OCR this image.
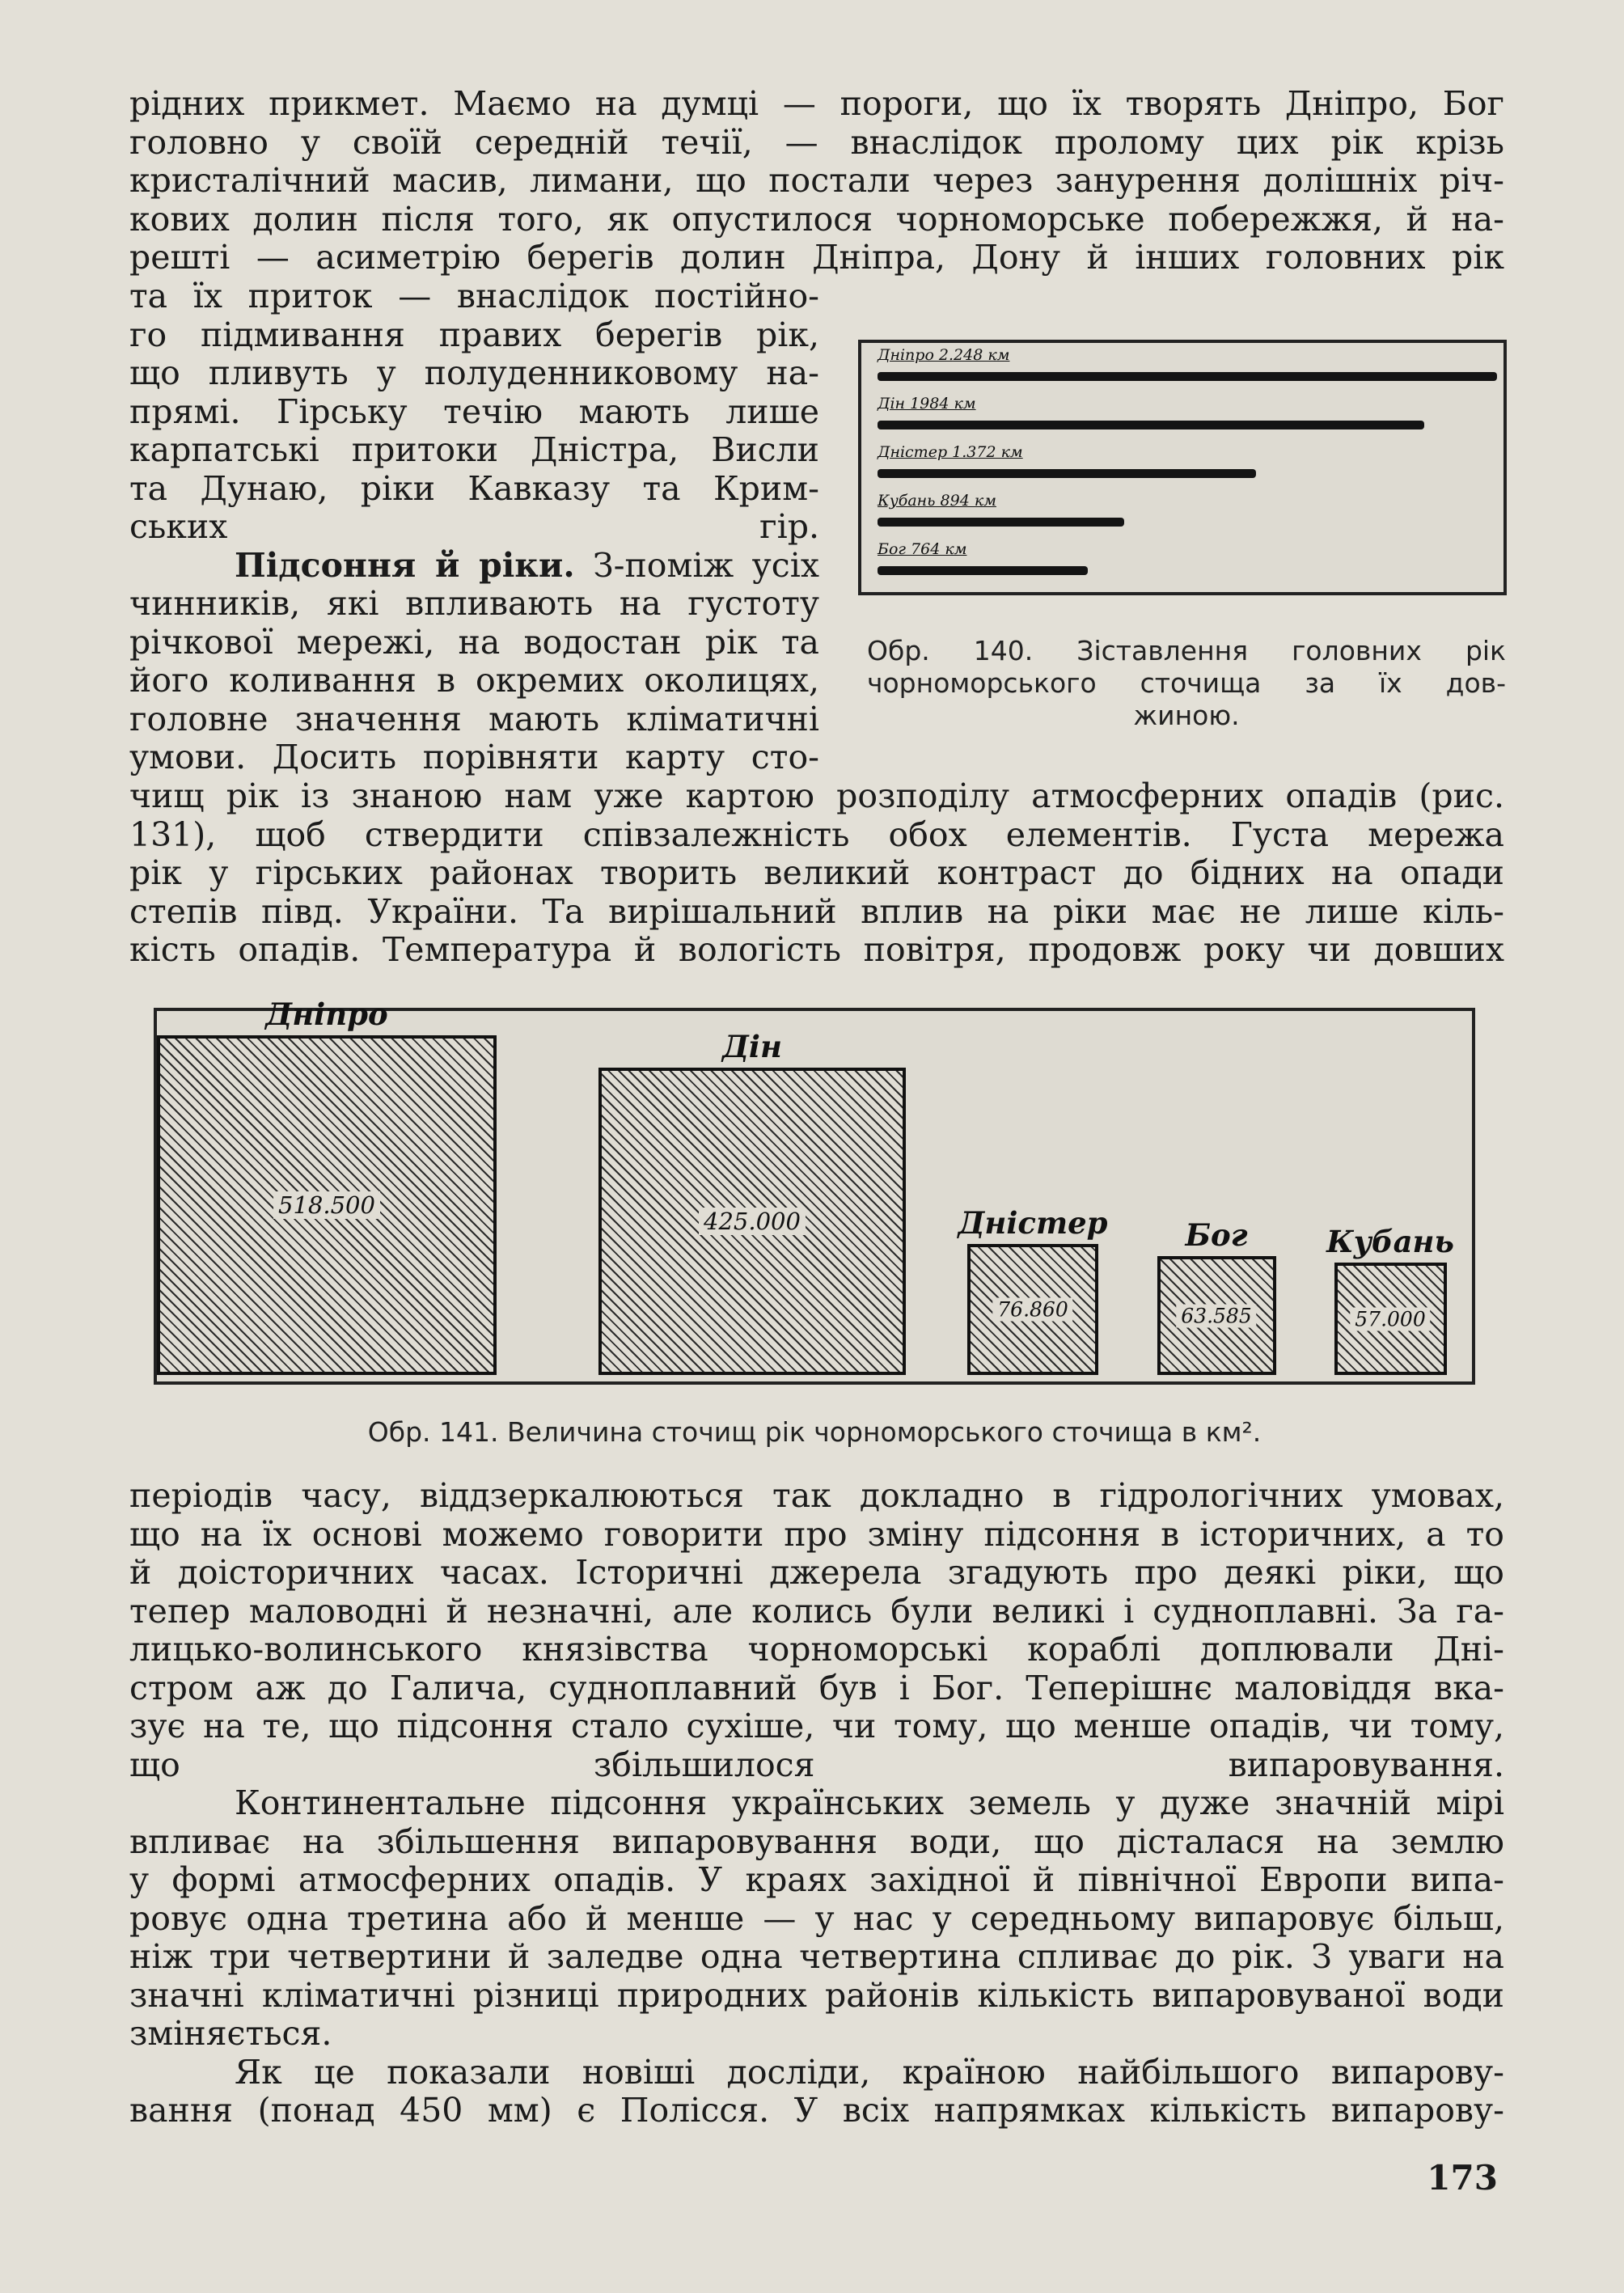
рідних прикмет. Маємо на думці — пороги, що їх творять Дніпро, Бог
головно у своїй середній течії, — внаслідок пролому цих рік крізь
кристалічний масив, лимани, що постали через занурення долішніх річ-
кових долин після того, як опустилося чорноморське побережжя, й на-
решті — асиметрію берегів долин Дніпра, Дону й інших головних рік
та їх приток — внаслідок постійно-
го підмивання правих берегів рік,
що пливуть у полуденниковому на-
прямі. Гірську течію мають лише
карпатські притоки Дністра, Висли
та Дунаю, ріки Кавказу та Крим-
ських гір.
Підсоння й ріки. З-поміж усіх
чинників, які впливають на густоту
річкової мережі, на водостан рік та
його коливання в окремих околицях,
головне значення мають кліматичні
умови. Досить порівняти карту сто-
Дніпро 2.248 км
Дін 1984 км
Дністер 1.372 км
Кубань 894 км
Бог 764 км
Обр. 140. Зіставлення головних рік
чорноморського сточища за їх дов-
жиною.
чищ рік із знаною нам уже картою розподілу атмосферних опадів (рис.
131), щоб ствердити співзалежність обох елементів. Густа мережа
рік у гірських районах творить великий контраст до бідних на опади
степів півд. України. Та вирішальний вплив на ріки має не лише кіль-
кість опадів. Температура й вологість повітря, продовж року чи довших
518.500
Дніпро
425.000
Дін
76.860
Дністер
63.585
Бог
57.000
Кубань
Обр. 141. Величина сточищ рік чорноморського сточища в км².
періодів часу, віддзеркалюються так докладно в гідрологічних умовах,
що на їх основі можемо говорити про зміну підсоння в історичних, а то
й доісторичних часах. Історичні джерела згадують про деякі ріки, що
тепер маловодні й незначні, але колись були великі і судноплавні. За га-
лицько-волинського князівства чорноморські кораблі доплювали Дні-
стром аж до Галича, судноплавний був і Бог. Теперішнє маловіддя вка-
зує на те, що підсоння стало сухіше, чи тому, що менше опадів, чи тому,
що збільшилося випаровування.
Континентальне підсоння українських земель у дуже значній мірі
впливає на збільшення випаровування води, що дісталася на землю
у формі атмосферних опадів. У краях західної й північної Европи випа-
ровує одна третина або й менше — у нас у середньому випаровує більш,
ніж три четвертини й заледве одна четвертина спливає до рік. З уваги на
значні кліматичні різниці природних районів кількість випаровуваної води
зміняється.
Як це показали новіші досліди, країною найбільшого випарову-
вання (понад 450 мм) є Полісся. У всіх напрямках кількість випарову-
173
